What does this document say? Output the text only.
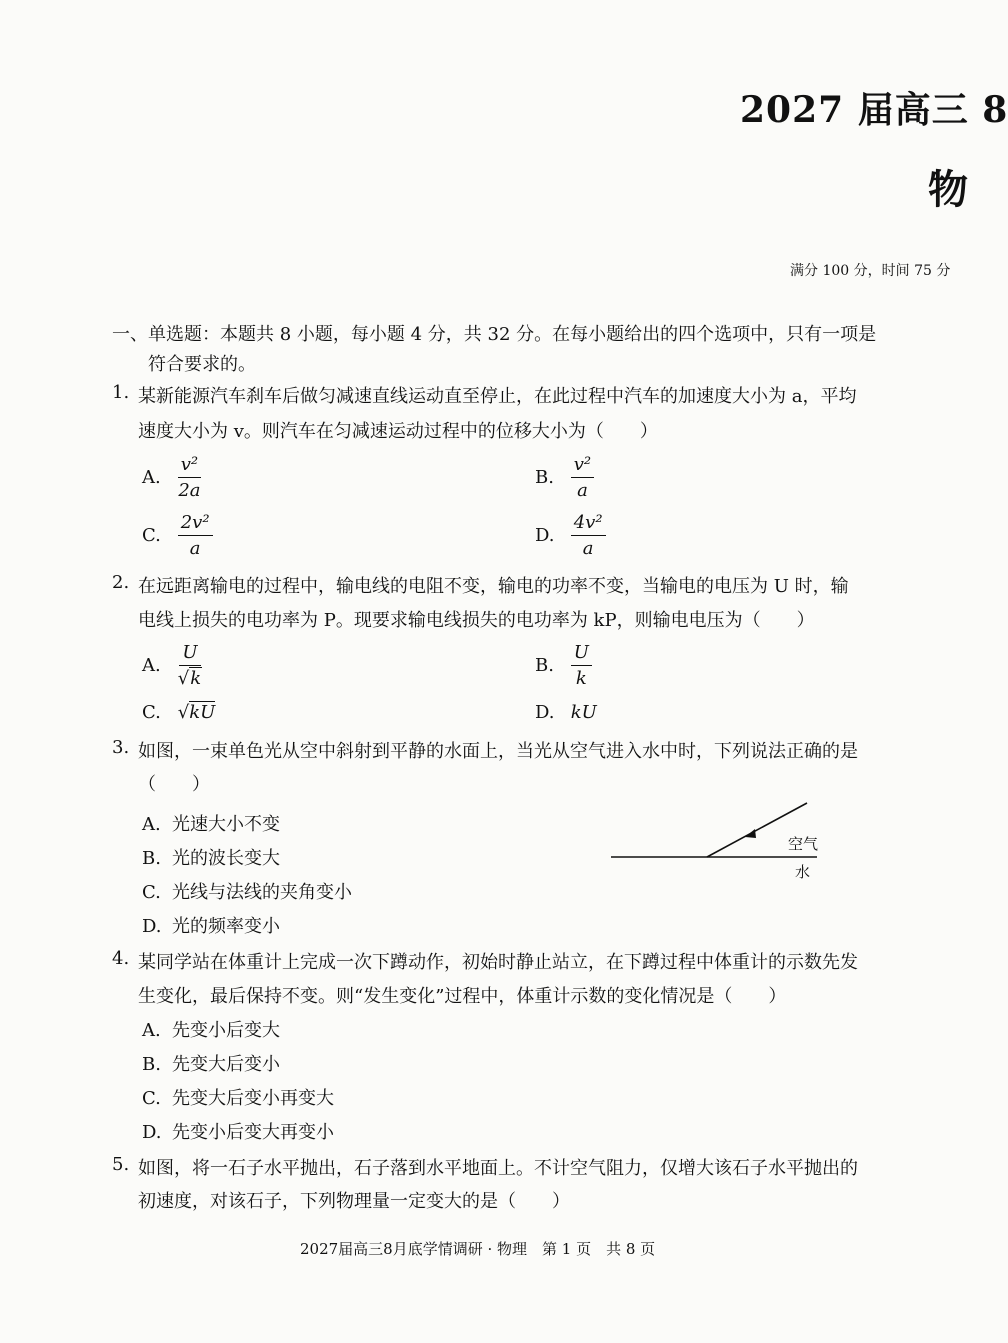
2027 届高三 8
物
满分 100 分，时间 75 分
一、单选题：本题共 8 小题，每小题 4 分，共 32 分。在每小题给出的四个选项中，只有一项是
符合要求的。
1. 某新能源汽车刹车后做匀减速直线运动直至停止，在此过程中汽车的加速度大小为 a，平均
速度大小为 v。则汽车在匀减速运动过程中的位移大小为（　　）
A. $\frac{\text{v²}}{2a}$	B. $\frac{\text{v²}}{a}$
C. $\frac{\text{2v²}}{a}$	D. $\frac{\text{4v²}}{a}$
2. 在远距离输电的过程中，输电线的电阻不变，输电的功率不变，当输电的电压为 U 时，输
电线上损失的电功率为 P。现要求输电线损失的电功率为 kP，则输电电压为（　　）
A. $\frac{U}{√k}$	B. $\frac{U}{k}$
C. √kU	D. kU
3. 如图，一束单色光从空中斜射到平静的水面上，当光从空气进入水中时，下列说法正确的是
（　　）
A. 光速大小不变
B. 光的波长变大
C. 光线与法线的夹角变小
D. 光的频率变小
空气
水
4. 某同学站在体重计上完成一次下蹲动作，初始时静止站立，在下蹲过程中体重计的示数先发
生变化，最后保持不变。则“发生变化”过程中，体重计示数的变化情况是（　　）
A. 先变小后变大
B. 先变大后变小
C. 先变大后变小再变大
D. 先变小后变大再变小
5. 如图，将一石子水平抛出，石子落到水平地面上。不计空气阻力，仅增大该石子水平抛出的
初速度，对该石子，下列物理量一定变大的是（　　）
2027届高三8月底学情调研 · 物理　第 1 页　共 8 页
